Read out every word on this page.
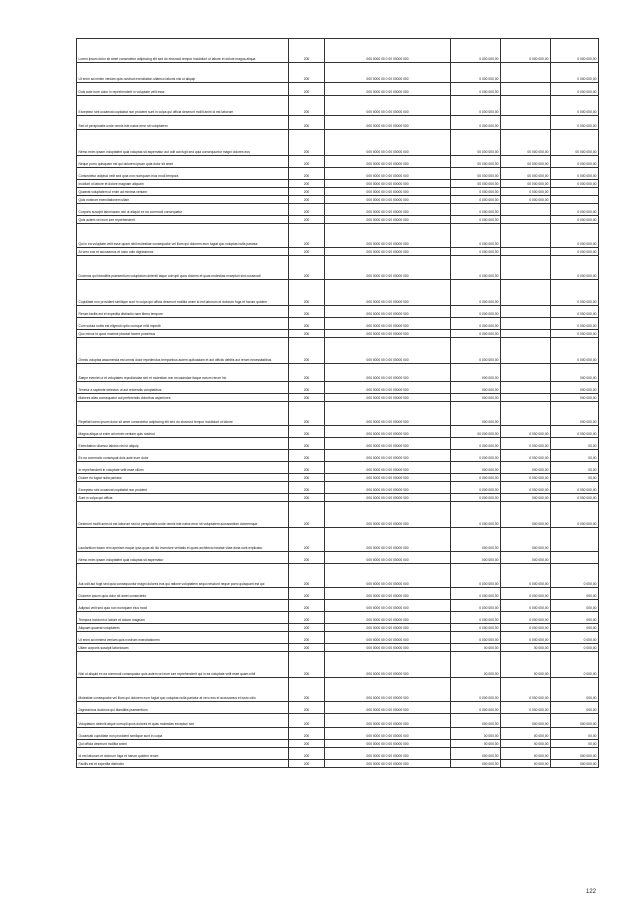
Lorem ipsum dolor sit amet consectetur adipiscing elit sed do eiusmod tempor incididunt ut labore et dolore magna aliqua	200	000 0000 00 0 00 00000 000	0 000 000,00	0 000 000,00	0 000 000,00
Ut enim ad minim veniam quis nostrud exercitation ullamco laboris nisi ut aliquip	200	000 0000 00 0 00 00000 000	0 000 000,00		0 000 000,00
Duis aute irure dolor in reprehenderit in voluptate velit esse	200	000 0000 00 0 00 00000 000	0 000 000,00		0 000 000,00
Excepteur sint occaecat cupidatat non proident sunt in culpa qui officia deserunt mollit anim id est laborum	200	000 0000 00 0 00 00000 000	0 000 000,00		0 000 000,00
Sed ut perspiciatis unde omnis iste natus error sit voluptatem	200	000 0000 00 0 00 00000 000	0 000 000,00		0 000 000,00
Nemo enim ipsam voluptatem quia voluptas sit aspernatur aut odit aut fugit sed quia consequuntur magni dolores eos	200	000 0000 00 0 00 00000 000	00 000 000,00	00 000 000,00	00 000 000,00
Neque porro quisquam est qui dolorem ipsum quia dolor sit amet	200	000 0000 00 0 00 00000 000	00 000 000,00	00 000 000,00	0 000 000,00
Consectetur adipisci velit sed quia non numquam eius modi tempora	200	000 0000 00 0 00 00000 000	00 000 000,00	00 000 000,00	0 000 000,00
Incidunt ut labore et dolore magnam aliquam	200	000 0000 00 0 00 00000 000	00 000 000,00	00 000 000,00	0 000 000,00
Quaerat voluptatem ut enim ad minima veniam	200	000 0000 00 0 00 00000 000	0 000 000,00	0 000 000,00	
Quis nostrum exercitationem ullam	200	000 0000 00 0 00 00000 000	0 000 000,00	0 000 000,00	
Corporis suscipit laboriosam nisi ut aliquid ex ea commodi consequatur	200	000 0000 00 0 00 00000 000	0 000 000,00		0 000 000,00
Quis autem vel eum iure reprehenderit	200	000 0000 00 0 00 00000 000	0 000 000,00		0 000 000,00
Qui in ea voluptate velit esse quam nihil molestiae consequatur vel illum qui dolorem eum fugiat quo voluptas nulla pariatur	200	000 0000 00 0 00 00000 000	0 000 000,00		0 000 000,00
At vero eos et accusamus et iusto odio dignissimos	200	000 0000 00 0 00 00000 000	0 000 000,00		0 000 000,00
Ducimus qui blanditiis praesentium voluptatum deleniti atque corrupti quos dolores et quas molestias excepturi sint occaecati	200	000 0000 00 0 00 00000 000	0 000 000,00		0 000 000,00
Cupiditate non provident similique sunt in culpa qui officia deserunt mollitia animi id est laborum et dolorum fuga et harum quidem	200	000 0000 00 0 00 00000 000	0 000 000,00		0 000 000,00
Rerum facilis est et expedita distinctio nam libero tempore	200	000 0000 00 0 00 00000 000	0 000 000,00		0 000 000,00
Cum soluta nobis est eligendi optio cumque nihil impedit	200	000 0000 00 0 00 00000 000	0 000 000,00		0 000 000,00
Quo minus id quod maxime placeat facere possimus	200	000 0000 00 0 00 00000 000	0 000 000,00		0 000 000,00
Omnis voluptas assumenda est omnis dolor repellendus temporibus autem quibusdam et aut officiis debitis aut rerum necessitatibus	200	000 0000 00 0 00 00000 000	0 000 000,00		0 000 000,00
Saepe eveniet ut et voluptates repudiandae sint et molestiae non recusandae itaque earum rerum hic	200	000 0000 00 0 00 00000 000	000 000,00		000 000,00
Tenetur a sapiente delectus ut aut reiciendis voluptatibus	200	000 0000 00 0 00 00000 000	000 000,00		000 000,00
Maiores alias consequatur aut perferendis doloribus asperiores	200	000 0000 00 0 00 00000 000	000 000,00		000 000,00
Repellat lorem ipsum dolor sit amet consectetur adipiscing elit sed do eiusmod tempor incididunt ut labore	200	000 0000 00 0 00 00000 000	000 000,00		000 000,00
Magna aliqua ut enim ad minim veniam quis nostrud	200	000 0000 00 0 00 00000 000	00 000 000,00	0 000 000,00	0 000 000,00
Exercitation ullamco laboris nisi ut aliquip	200	000 0000 00 0 00 00000 000	0 000 000,00	0 000 000,00	00,00
Ex ea commodo consequat duis aute irure dolor	200	000 0000 00 0 00 00000 000	0 000 000,00	0 000 000,00	00,00
In reprehenderit in voluptate velit esse cillum	200	000 0000 00 0 00 00000 000	000 000,00	000 000,00	00,00
Dolore eu fugiat nulla pariatur	200	000 0000 00 0 00 00000 000	0 000 000,00	0 000 000,00	00,00
Excepteur sint occaecat cupidatat non proident	200	000 0000 00 0 00 00000 000	0 000 000,00	0 000 000,00	0 000 000,00
Sunt in culpa qui officia	200	000 0000 00 0 00 00000 000	0 000 000,00	000 000,00	0 000 000,00
Deserunt mollit anim id est laborum sed ut perspiciatis unde omnis iste natus error sit voluptatem accusantium doloremque	200	000 0000 00 0 00 00000 000	0 000 000,00	000 000,00	0 000 000,00
Laudantium totam rem aperiam eaque ipsa quae ab illo inventore veritatis et quasi architecto beatae vitae dicta sunt explicabo	200	000 0000 00 0 00 00000 000	000 000,00	000 000,00	
Nemo enim ipsam voluptatem quia voluptas sit aspernatur	200	000 0000 00 0 00 00000 000	000 000,00	000 000,00	
Aut odit aut fugit sed quia consequuntur magni dolores eos qui ratione voluptatem sequi nesciunt neque porro quisquam est qui	200	000 0000 00 0 00 00000 000	0 000 000,00	0 000 000,00	0 000,00
Dolorem ipsum quia dolor sit amet consectetur	200	000 0000 00 0 00 00000 000	0 000 000,00	0 000 000,00	000,00
Adipisci velit sed quia non numquam eius modi	200	000 0000 00 0 00 00000 000	0 000 000,00	0 000 000,00	000,00
Tempora incidunt ut labore et dolore magnam	200	000 0000 00 0 00 00000 000	0 000 000,00	0 000 000,00	000,00
Aliquam quaerat voluptatem	200	000 0000 00 0 00 00000 000	0 000 000,00	0 000 000,00	000,00
Ut enim ad minima veniam quis nostrum exercitationem	200	000 0000 00 0 00 00000 000	0 000 000,00	0 000 000,00	0 000,00
Ullam corporis suscipit laboriosam	200	000 0000 00 0 00 00000 000	00 000,00	00 000,00	0 000,00
Nisi ut aliquid ex ea commodi consequatur quis autem vel eum iure reprehenderit qui in ea voluptate velit esse quam nihil	200	000 0000 00 0 00 00000 000	00 000,00	00 000,00	0 000,00
Molestiae consequatur vel illum qui dolorem eum fugiat quo voluptas nulla pariatur at vero eos et accusamus et iusto odio	200	000 0000 00 0 00 00000 000	0 000 000,00	0 000 000,00	000,00
Dignissimos ducimus qui blanditiis praesentium	200	000 0000 00 0 00 00000 000	0 000 000,00	0 000 000,00	000,00
Voluptatum deleniti atque corrupti quos dolores et quas molestias excepturi sint	200	000 0000 00 0 00 00000 000	000 000,00	000 000,00	000 000,00
Occaecati cupiditate non provident similique sunt in culpa	200	000 0000 00 0 00 00000 000	00 000,00	00 000,00	00,00
Qui officia deserunt mollitia animi	200	000 0000 00 0 00 00000 000	00 000,00	00 000,00	00,00
Id est laborum et dolorum fuga et harum quidem rerum	200	000 0000 00 0 00 00000 000	000 000,00	00 000,00	000 000,00
Facilis est et expedita distinctio	200	000 0000 00 0 00 00000 000	000 000,00	00 000,00	000 000,00
122
